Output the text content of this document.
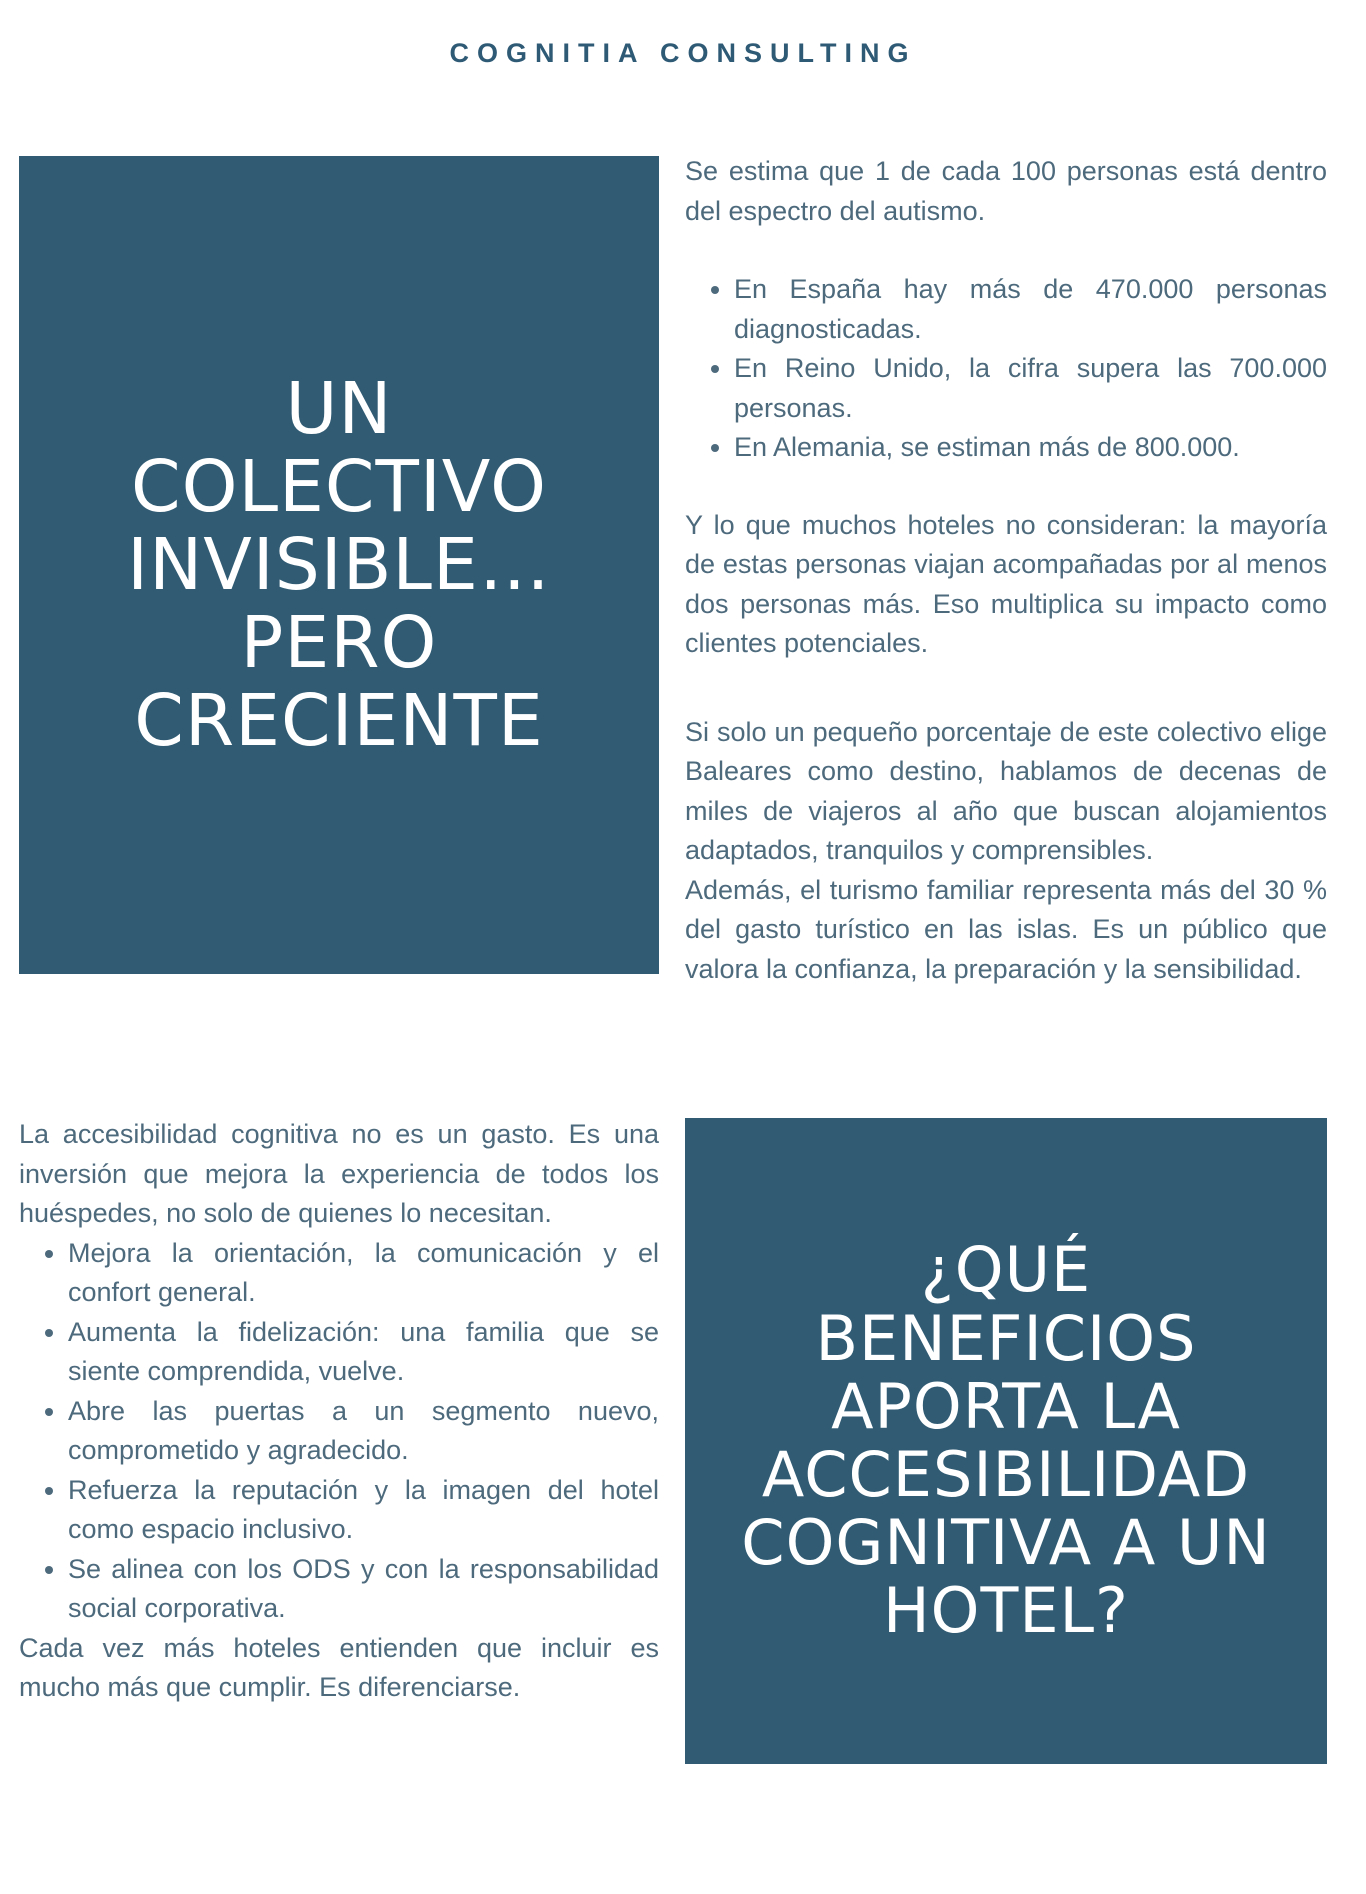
COGNITIA CONSULTING
UN COLECTIVO INVISIBLE… PERO CRECIENTE

Se estima que 1 de cada 100 personas está dentro del espectro del autismo.

• En España hay más de 470.000 personas diagnosticadas.
• En Reino Unido, la cifra supera las 700.000 personas.
• En Alemania, se estiman más de 800.000.

Y lo que muchos hoteles no consideran: la mayoría de estas personas viajan acompañadas por al menos dos personas más. Eso multiplica su impacto como clientes potenciales.

Si solo un pequeño porcentaje de este colectivo elige Baleares como destino, hablamos de decenas de miles de viajeros al año que buscan alojamientos adaptados, tranquilos y comprensibles.

Además, el turismo familiar representa más del 30 % del gasto turístico en las islas. Es un público que valora la confianza, la preparación y la sensibilidad.

La accesibilidad cognitiva no es un gasto. Es una inversión que mejora la experiencia de todos los huéspedes, no solo de quienes lo necesitan.

• Mejora la orientación, la comunicación y el confort general.
• Aumenta la fidelización: una familia que se siente comprendida, vuelve.
• Abre las puertas a un segmento nuevo, comprometido y agradecido.
• Refuerza la reputación y la imagen del hotel como espacio inclusivo.
• Se alinea con los ODS y con la responsabilidad social corporativa.

Cada vez más hoteles entienden que incluir es mucho más que cumplir. Es diferenciarse.

¿QUÉ BENEFICIOS APORTA LA ACCESIBILIDAD COGNITIVA A UN HOTEL?
